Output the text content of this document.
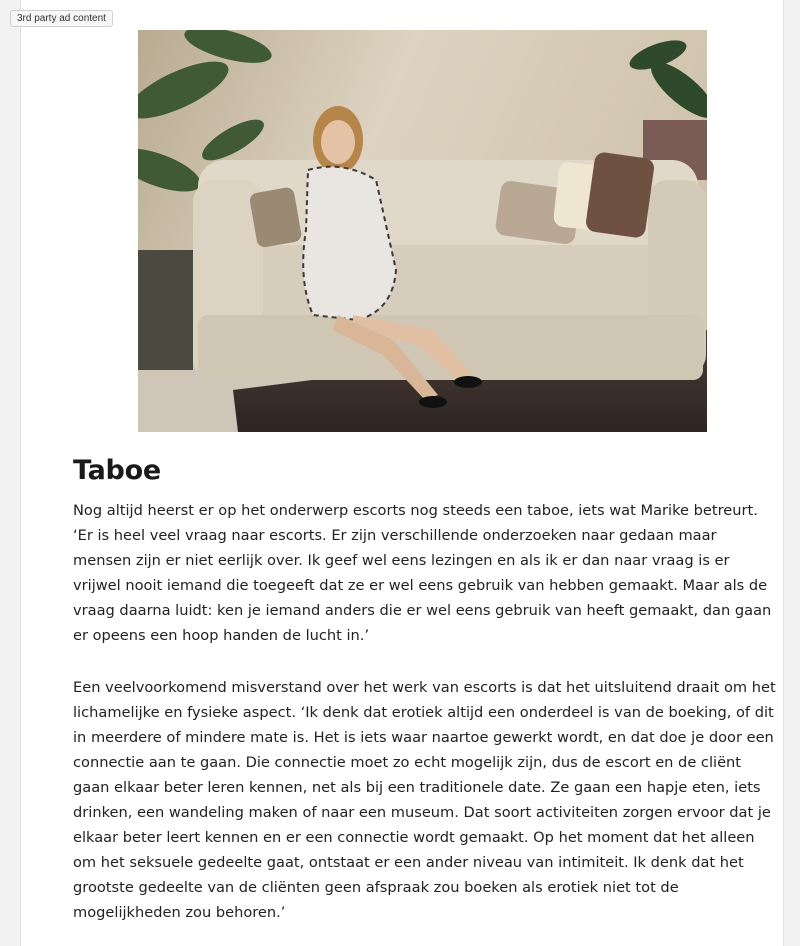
Taboe

Nog altijd heerst er op het onderwerp escorts nog steeds een taboe, iets wat Marike betreurt. ‘Er is heel veel vraag naar escorts. Er zijn verschillende onderzoeken naar gedaan maar mensen zijn er niet eerlijk over. Ik geef wel eens lezingen en als ik er dan naar vraag is er vrijwel nooit iemand die toegeeft dat ze er wel eens gebruik van hebben gemaakt. Maar als de vraag daarna luidt: ken je iemand anders die er wel eens gebruik van heeft gemaakt, dan gaan er opeens een hoop handen de lucht in.’

Een veelvoorkomend misverstand over het werk van escorts is dat het uitsluitend draait om het lichamelijke en fysieke aspect. ‘Ik denk dat erotiek altijd een onderdeel is van de boeking, of dit in meerdere of mindere mate is. Het is iets waar naartoe gewerkt wordt, en dat doe je door een connectie aan te gaan. Die connectie moet zo echt mogelijk zijn, dus de escort en de cliënt gaan elkaar beter leren kennen, net als bij een traditionele date. Ze gaan een hapje eten, iets drinken, een wandeling maken of naar een museum. Dat soort activiteiten zorgen ervoor dat je elkaar beter leert kennen en er een connectie wordt gemaakt. Op het moment dat het alleen om het seksuele gedeelte gaat, ontstaat er een ander niveau van intimiteit. Ik denk dat het grootste gedeelte van de cliënten geen afspraak zou boeken als erotiek niet tot de mogelijkheden zou behoren.’

3rd party ad content
